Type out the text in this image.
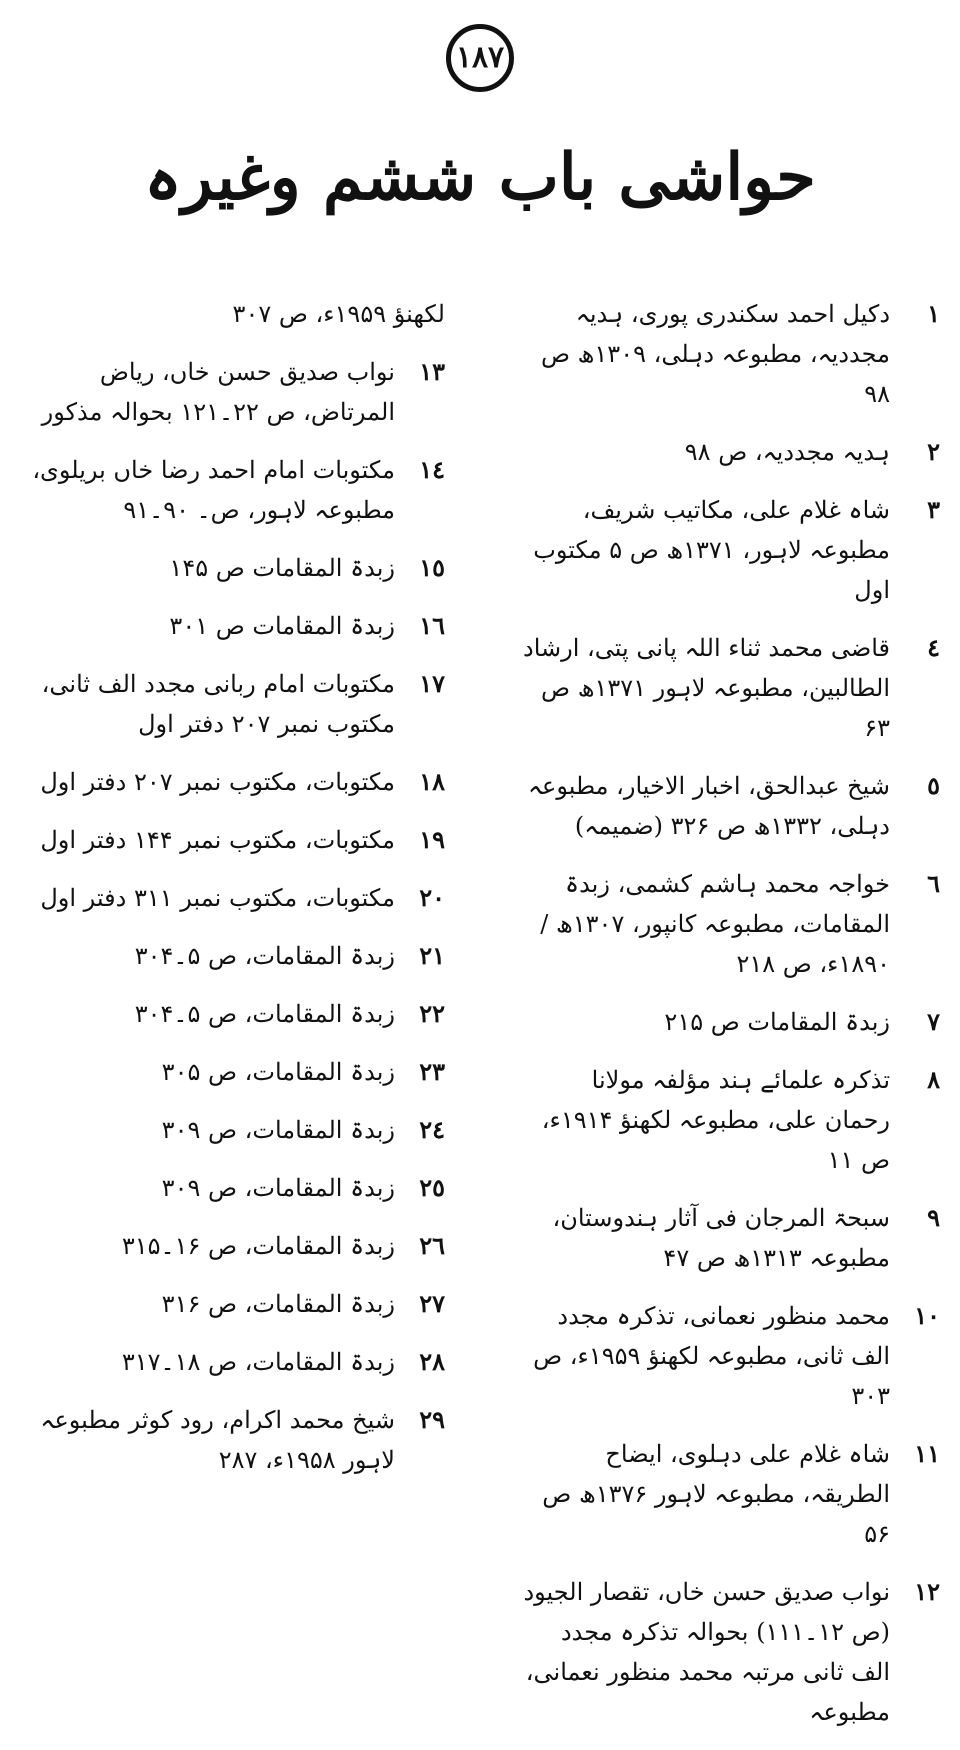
۱۸۷
حواشی باب ششم وغیرہ
١
دکیل احمد سکندری پوری، ہدیہ مجددیہ، مطبوعہ دہلی، ۱۳۰۹ھ ص ۹۸
٢
ہدیہ مجددیہ، ص ۹۸
٣
شاہ غلام علی، مکاتیب شریف، مطبوعہ لاہور، ۱۳۷۱ھ ص ۵ مکتوب اول
٤
قاضی محمد ثناء اللہ پانی پتی، ارشاد الطالبین، مطبوعہ لاہور ۱۳۷۱ھ ص ۶۳
٥
شیخ عبدالحق، اخبار الاخیار، مطبوعہ دہلی، ۱۳۳۲ھ ص ۳۲۶ (ضمیمہ)
٦
خواجہ محمد ہاشم کشمی، زبدۃ المقامات، مطبوعہ کانپور، ۱۳۰۷ھ / ۱۸۹۰ء، ص ۲۱۸
٧
زبدۃ المقامات ص ۲۱۵
٨
تذکرہ علمائے ہند مؤلفہ مولانا رحمان علی، مطبوعہ لکھنؤ ۱۹۱۴ء، ص ۱۱
٩
سبحۃ المرجان فی آثار ہندوستان، مطبوعہ ۱۳۱۳ھ ص ۴۷
١٠
محمد منظور نعمانی، تذکرہ مجدد الف ثانی، مطبوعہ لکھنؤ ۱۹۵۹ء، ص ۳۰۳
١١
شاہ غلام علی دہلوی، ایضاح الطریقہ، مطبوعہ لاہور ۱۳۷۶ھ ص ۵۶
١٢
نواب صدیق حسن خاں، تقصار الجیود (ص ۱۲۔۱۱۱) بحوالہ تذکرہ مجدد الف ثانی مرتبہ محمد منظور نعمانی، مطبوعہ
لکھنؤ ۱۹۵۹ء، ص ۳۰۷
١٣
نواب صدیق حسن خاں، ریاض المرتاض، ص ۲۲۔۱۲۱ بحوالہ مذکور
١٤
مکتوبات امام احمد رضا خاں بریلوی، مطبوعہ لاہور، ص۔ ۹۰۔۹۱
١٥
زبدۃ المقامات ص ۱۴۵
١٦
زبدۃ المقامات ص ۳۰۱
١٧
مکتوبات امام ربانی مجدد الف ثانی، مکتوب نمبر ۲۰۷ دفتر اول
١٨
مکتوبات، مکتوب نمبر ۲۰۷ دفتر اول
١٩
مکتوبات، مکتوب نمبر ۱۴۴ دفتر اول
٢٠
مکتوبات، مکتوب نمبر ۳۱۱ دفتر اول
٢١
زبدۃ المقامات، ص ۵۔۳۰۴
٢٢
زبدۃ المقامات، ص ۵۔۳۰۴
٢٣
زبدۃ المقامات، ص ۳۰۵
٢٤
زبدۃ المقامات، ص ۳۰۹
٢٥
زبدۃ المقامات، ص ۳۰۹
٢٦
زبدۃ المقامات، ص ۱۶۔۳۱۵
٢٧
زبدۃ المقامات، ص ۳۱۶
٢٨
زبدۃ المقامات، ص ۱۸۔۳۱۷
٢٩
شیخ محمد اکرام، رود کوثر مطبوعہ لاہور ۱۹۵۸ء، ۲۸۷
